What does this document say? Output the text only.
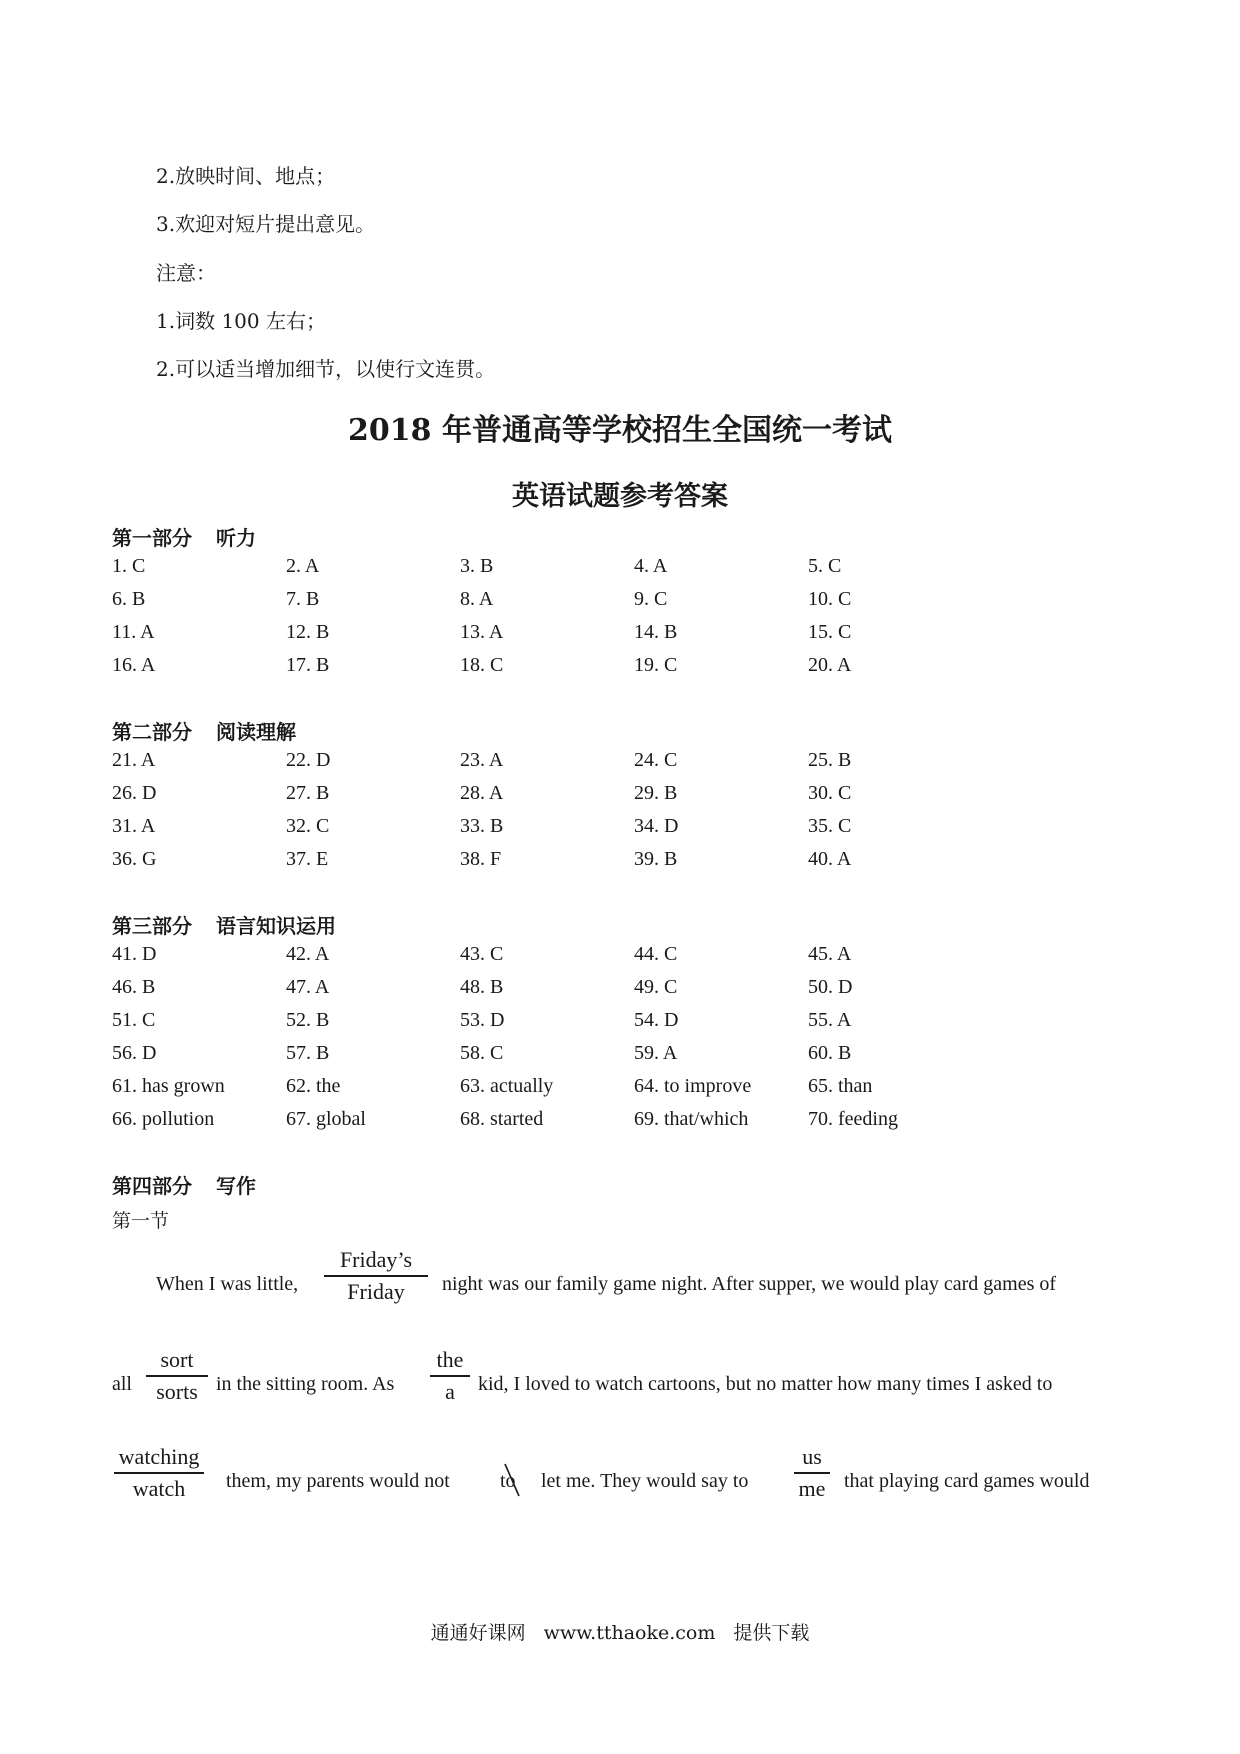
2.放映时间、地点；
3.欢迎对短片提出意见。
注意：
1.词数 100 左右；
2.可以适当增加细节，以使行文连贯。
2018 年普通高等学校招生全国统一考试
英语试题参考答案
第一部分 听力
1. C	2. A	3. B	4. A	5. C
6. B	7. B	8. A	9. C	10. C
11. A	12. B	13. A	14. B	15. C
16. A	17. B	18. C	19. C	20. A
第二部分 阅读理解
21. A	22. D	23. A	24. C	25. B
26. D	27. B	28. A	29. B	30. C
31. A	32. C	33. B	34. D	35. C
36. G	37. E	38. F	39. B	40. A
第三部分 语言知识运用
41. D	42. A	43. C	44. C	45. A
46. B	47. A	48. B	49. C	50. D
51. C	52. B	53. D	54. D	55. A
56. D	57. B	58. C	59. A	60. B
61. has grown	62. the	63. actually	64. to improve	65. than
66. pollution	67. global	68. started	69. that/which	70. feeding
第四部分 写作
第一节
When I was little,
Friday’s
Friday	night was our family game night. After supper, we would play card games of
all
sort
sorts in the sitting room. As
the
a	kid, I loved to watch cartoons, but no matter how many times I asked to
watching
watch	them, my parents would not	to let me. They would say to
us
me that playing card games would
通通好课网 www.tthaoke.com 提供下载
